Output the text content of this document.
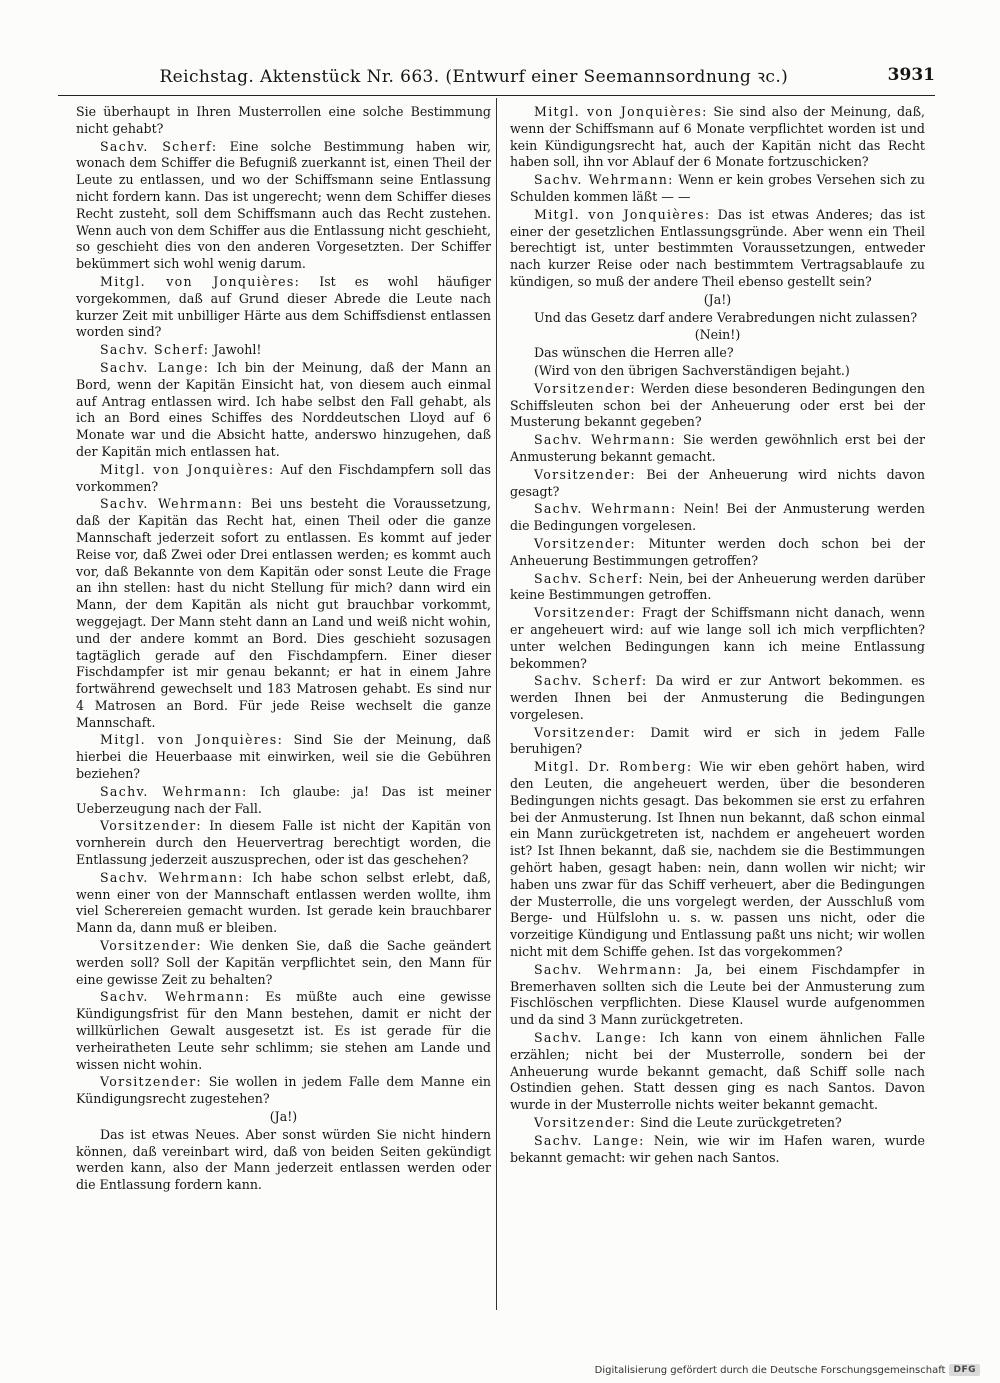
Reichstag. Aktenstück Nr. 663. (Entwurf einer Seemannsordnung ꝛc.)	3931

Sie überhaupt in Ihren Musterrollen eine solche Bestimmung nicht gehabt?

Sachv. Scherf: Eine solche Bestimmung haben wir, wonach dem Schiffer die Befugniß zuerkannt ist, einen Theil der Leute zu entlassen, und wo der Schiffsmann seine Entlassung nicht fordern kann. Das ist ungerecht; wenn dem Schiffer dieses Recht zusteht, soll dem Schiffsmann auch das Recht zustehen. Wenn auch von dem Schiffer aus die Entlassung nicht geschieht, so geschieht dies von den anderen Vorgesetzten. Der Schiffer bekümmert sich wohl wenig darum.

Mitgl. von Jonquières: Ist es wohl häufiger vorgekommen, daß auf Grund dieser Abrede die Leute nach kurzer Zeit mit unbilliger Härte aus dem Schiffsdienst entlassen worden sind?

Sachv. Scherf: Jawohl!

Sachv. Lange: Ich bin der Meinung, daß der Mann an Bord, wenn der Kapitän Einsicht hat, von diesem auch einmal auf Antrag entlassen wird. Ich habe selbst den Fall gehabt, als ich an Bord eines Schiffes des Norddeutschen Lloyd auf 6 Monate war und die Absicht hatte, anderswo hinzugehen, daß der Kapitän mich entlassen hat.

Mitgl. von Jonquières: Auf den Fischdampfern soll das vorkommen?

Sachv. Wehrmann: Bei uns besteht die Voraussetzung, daß der Kapitän das Recht hat, einen Theil oder die ganze Mannschaft jederzeit sofort zu entlassen. Es kommt auf jeder Reise vor, daß Zwei oder Drei entlassen werden; es kommt auch vor, daß Bekannte von dem Kapitän oder sonst Leute die Frage an ihn stellen: hast du nicht Stellung für mich? dann wird ein Mann, der dem Kapitän als nicht gut brauchbar vorkommt, weggejagt. Der Mann steht dann an Land und weiß nicht wohin, und der andere kommt an Bord. Dies geschieht sozusagen tagtäglich gerade auf den Fischdampfern. Einer dieser Fischdampfer ist mir genau bekannt; er hat in einem Jahre fortwährend gewechselt und 183 Matrosen gehabt. Es sind nur 4 Matrosen an Bord. Für jede Reise wechselt die ganze Mannschaft.

Mitgl. von Jonquières: Sind Sie der Meinung, daß hierbei die Heuerbaase mit einwirken, weil sie die Gebühren beziehen?

Sachv. Wehrmann: Ich glaube: ja! Das ist meiner Ueberzeugung nach der Fall.

Vorsitzender: In diesem Falle ist nicht der Kapitän von vornherein durch den Heuervertrag berechtigt worden, die Entlassung jederzeit auszusprechen, oder ist das geschehen?

Sachv. Wehrmann: Ich habe schon selbst erlebt, daß, wenn einer von der Mannschaft entlassen werden wollte, ihm viel Scherereien gemacht wurden. Ist gerade kein brauchbarer Mann da, dann muß er bleiben.

Vorsitzender: Wie denken Sie, daß die Sache geändert werden soll? Soll der Kapitän verpflichtet sein, den Mann für eine gewisse Zeit zu behalten?

Sachv. Wehrmann: Es müßte auch eine gewisse Kündigungsfrist für den Mann bestehen, damit er nicht der willkürlichen Gewalt ausgesetzt ist. Es ist gerade für die verheiratheten Leute sehr schlimm; sie stehen am Lande und wissen nicht wohin.

Vorsitzender: Sie wollen in jedem Falle dem Manne ein Kündigungsrecht zugestehen?

(Ja!)

Das ist etwas Neues. Aber sonst würden Sie nicht hindern können, daß vereinbart wird, daß von beiden Seiten gekündigt werden kann, also der Mann jederzeit entlassen werden oder die Entlassung fordern kann.

Mitgl. von Jonquières: Sie sind also der Meinung, daß, wenn der Schiffsmann auf 6 Monate verpflichtet worden ist und kein Kündigungsrecht hat, auch der Kapitän nicht das Recht haben soll, ihn vor Ablauf der 6 Monate fortzuschicken?

Sachv. Wehrmann: Wenn er kein grobes Versehen sich zu Schulden kommen läßt — —

Mitgl. von Jonquières: Das ist etwas Anderes; das ist einer der gesetzlichen Entlassungsgründe. Aber wenn ein Theil berechtigt ist, unter bestimmten Voraussetzungen, entweder nach kurzer Reise oder nach bestimmtem Vertragsablaufe zu kündigen, so muß der andere Theil ebenso gestellt sein?

(Ja!)

Und das Gesetz darf andere Verabredungen nicht zulassen?

(Nein!)

Das wünschen die Herren alle?

(Wird von den übrigen Sachverständigen bejaht.)

Vorsitzender: Werden diese besonderen Bedingungen den Schiffsleuten schon bei der Anheuerung oder erst bei der Musterung bekannt gegeben?

Sachv. Wehrmann: Sie werden gewöhnlich erst bei der Anmusterung bekannt gemacht.

Vorsitzender: Bei der Anheuerung wird nichts davon gesagt?

Sachv. Wehrmann: Nein! Bei der Anmusterung werden die Bedingungen vorgelesen.

Vorsitzender: Mitunter werden doch schon bei der Anheuerung Bestimmungen getroffen?

Sachv. Scherf: Nein, bei der Anheuerung werden darüber keine Bestimmungen getroffen.

Vorsitzender: Fragt der Schiffsmann nicht danach, wenn er angeheuert wird: auf wie lange soll ich mich verpflichten? unter welchen Bedingungen kann ich meine Entlassung bekommen?

Sachv. Scherf: Da wird er zur Antwort bekommen. es werden Ihnen bei der Anmusterung die Bedingungen vorgelesen.

Vorsitzender: Damit wird er sich in jedem Falle beruhigen?

Mitgl. Dr. Romberg: Wie wir eben gehört haben, wird den Leuten, die angeheuert werden, über die besonderen Bedingungen nichts gesagt. Das bekommen sie erst zu erfahren bei der Anmusterung. Ist Ihnen nun bekannt, daß schon einmal ein Mann zurückgetreten ist, nachdem er angeheuert worden ist? Ist Ihnen bekannt, daß sie, nachdem sie die Bestimmungen gehört haben, gesagt haben: nein, dann wollen wir nicht; wir haben uns zwar für das Schiff verheuert, aber die Bedingungen der Musterrolle, die uns vorgelegt werden, der Ausschluß vom Berge- und Hülfslohn u. s. w. passen uns nicht, oder die vorzeitige Kündigung und Entlassung paßt uns nicht; wir wollen nicht mit dem Schiffe gehen. Ist das vorgekommen?

Sachv. Wehrmann: Ja, bei einem Fischdampfer in Bremerhaven sollten sich die Leute bei der Anmusterung zum Fischlöschen verpflichten. Diese Klausel wurde aufgenommen und da sind 3 Mann zurückgetreten.

Sachv. Lange: Ich kann von einem ähnlichen Falle erzählen; nicht bei der Musterrolle, sondern bei der Anheuerung wurde bekannt gemacht, daß Schiff solle nach Ostindien gehen. Statt dessen ging es nach Santos. Davon wurde in der Musterrolle nichts weiter bekannt gemacht.

Vorsitzender: Sind die Leute zurückgetreten?

Sachv. Lange: Nein, wie wir im Hafen waren, wurde bekannt gemacht: wir gehen nach Santos.

Digitalisierung gefördert durch die Deutsche Forschungsgemeinschaft DFG
